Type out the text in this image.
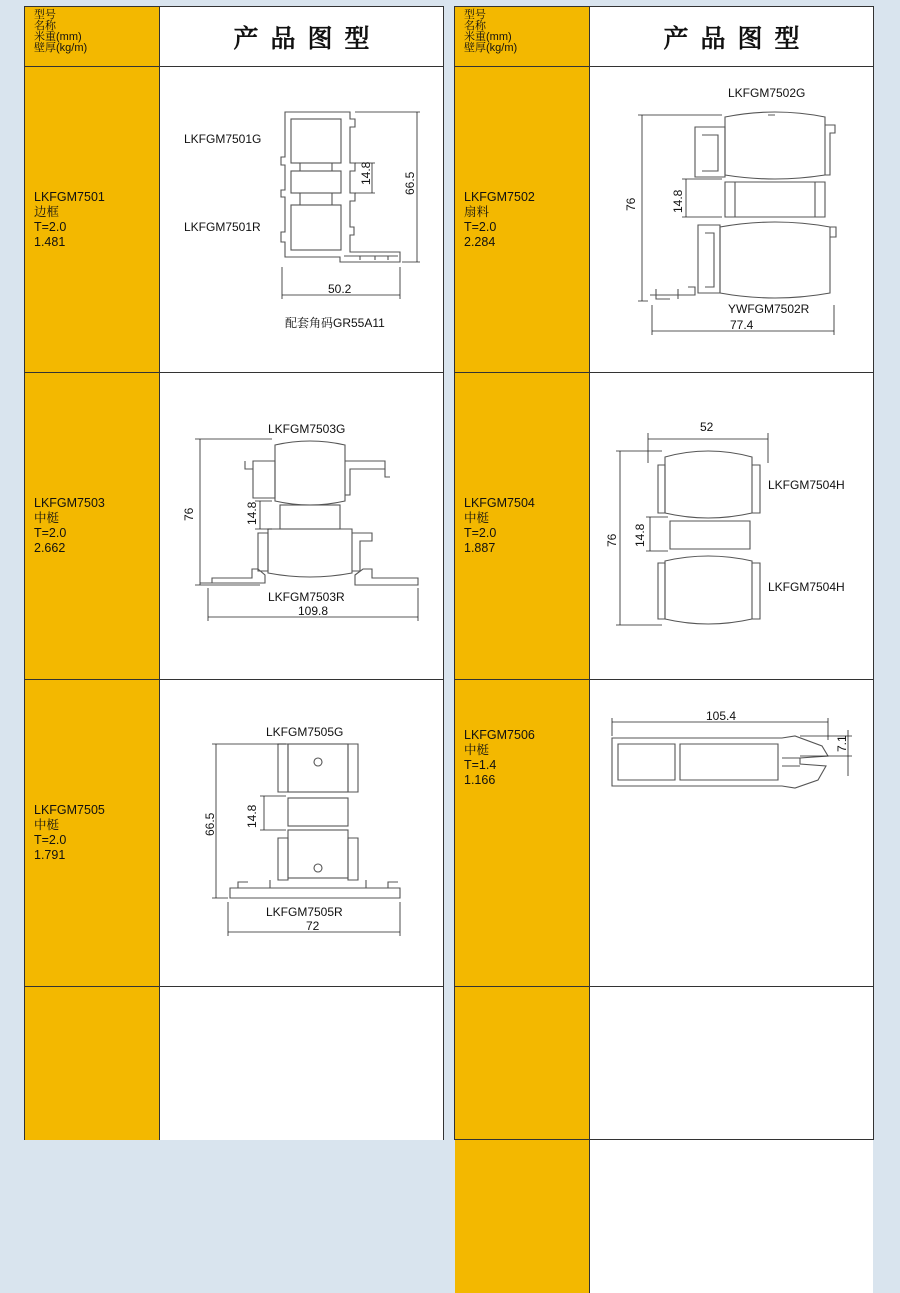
型号
名称
米重(mm)
壁厚(kg/m)	产品图型
LKFGM7501
边框
T=2.0
1.481
LKFGM7501G
LKFGM7501R
50.2
66.5
14.8
配套角码GR55A11
LKFGM7503
中梃
T=2.0
2.662
LKFGM7503G
LKFGM7503R
109.8
76	14.8
LKFGM7505
中梃
T=2.0
1.791
LKFGM7505G
LKFGM7505R
72
66.5 14.8
型号
名称
米重(mm)
壁厚(kg/m)	产品图型
LKFGM7502
扇料
T=2.0
2.284
LKFGM7502G
YWFGM7502R
77.4
76	14.8
LKFGM7504
中梃
T=2.0
1.887
52
LKFGM7504H
LKFGM7504H
76 14.8
LKFGM7506
中梃
T=1.4
1.166
105.4
7.1
